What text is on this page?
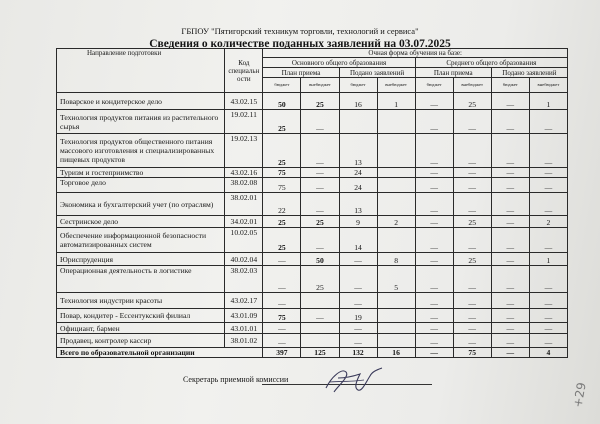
ГБПОУ "Пятигорский техникум торговли, технологий и сервиса"
Сведения о количестве поданных заявлений на 03.07.2025
Направление подготовки	Код специальн ости	Очная форма обучения на базе:							
		Основного общего образования				Среднего общего образования			
		План приема		Подано заявлений		План приема		Подано заявлений	
		бюджет	внебюджет	бюджет	внебюджет	бюджет	внебюджет	бюджет	внебюджет
Поварское и кондитерское дело	43.02.15	50	25	16	1	—	25	—	1
Технология продуктов питания из растительного сырья	19.02.11	25	—			—	—	—	—
Технология продуктов общественного питания массового изготовления и специализированных пищевых продуктов	19.02.13	25	—	13		—	—	—	—
Туризм и гостеприимство	43.02.16	75	—	24		—	—	—	—
Торговое дело	38.02.08	75	—	24		—	—	—	—
Экономика и бухгалтерский учет (по отраслям)	38.02.01	22	—	13		—	—	—	—
Сестринское дело	34.02.01	25	25	9	2	—	25	—	2
Обеспечение информационной безопасности автоматизированных систем	10.02.05	25	—	14		—	—	—	—
Юриспруденция	40.02.04	—	50	—	8	—	25	—	1
Операционная деятельность в логистике	38.02.03	—	25	—	5	—	—	—	—
Технология индустрии красоты	43.02.17	—		—		—	—	—	—
Повар, кондитер - Ессентукский филиал	43.01.09	75	—	19		—	—	—	—
Официант, бармен	43.01.01	—		—		—	—	—	—
Продавец, контролер кассир	38.01.02	—		—		—	—	—	—
Всего по образовательной организации		397	125	132	16	—	75	—	4
Секретарь приемной комиссии
+29
